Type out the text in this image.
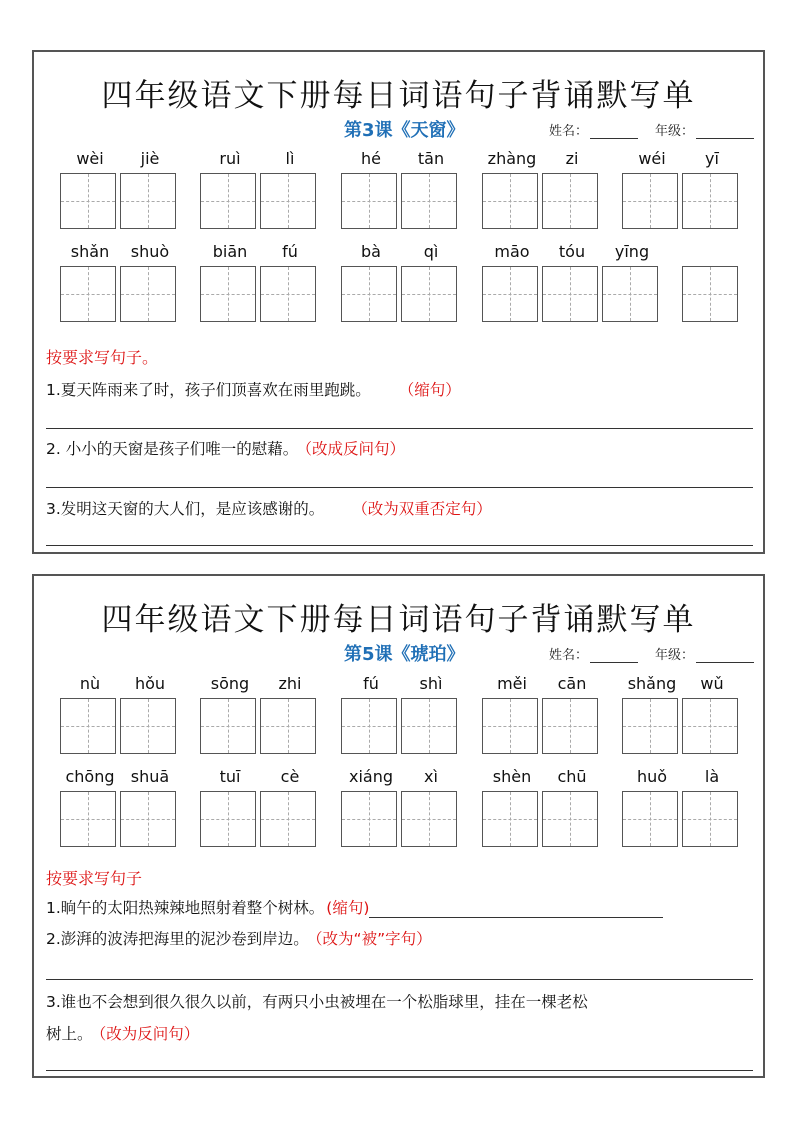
四年级语文下册每日词语句子背诵默写单
第3课《天窗》	姓名：	年级：
wèi	jiè	ruì	lì	hé	tān	zhàng	zi	wéi	yī
shǎn	shuò	biān	fú	bà	qì	māo	tóu	yīng
按要求写句子。
1.夏天阵雨来了时，孩子们顶喜欢在雨里跑跳。 （缩句）
2. 小小的天窗是孩子们唯一的慰藉。 （改成反问句）
3.发明这天窗的大人们，是应该感谢的。 （改为双重否定句）
四年级语文下册每日词语句子背诵默写单
第5课《琥珀》	姓名：	年级：
nù	hǒu	sōng	zhi	fú	shì	měi	cān	shǎng	wǔ
chōng	shuā	tuī	cè	xiáng	xì	shèn	chū	huǒ	là
按要求写句子
1.晌午的太阳热辣辣地照射着整个树林。 (缩句)
2.澎湃的波涛把海里的泥沙卷到岸边。 （改为“被”字句）
3.谁也不会想到很久很久以前，有两只小虫被埋在一个松脂球里，挂在一棵老松
树上。 （改为反问句）
